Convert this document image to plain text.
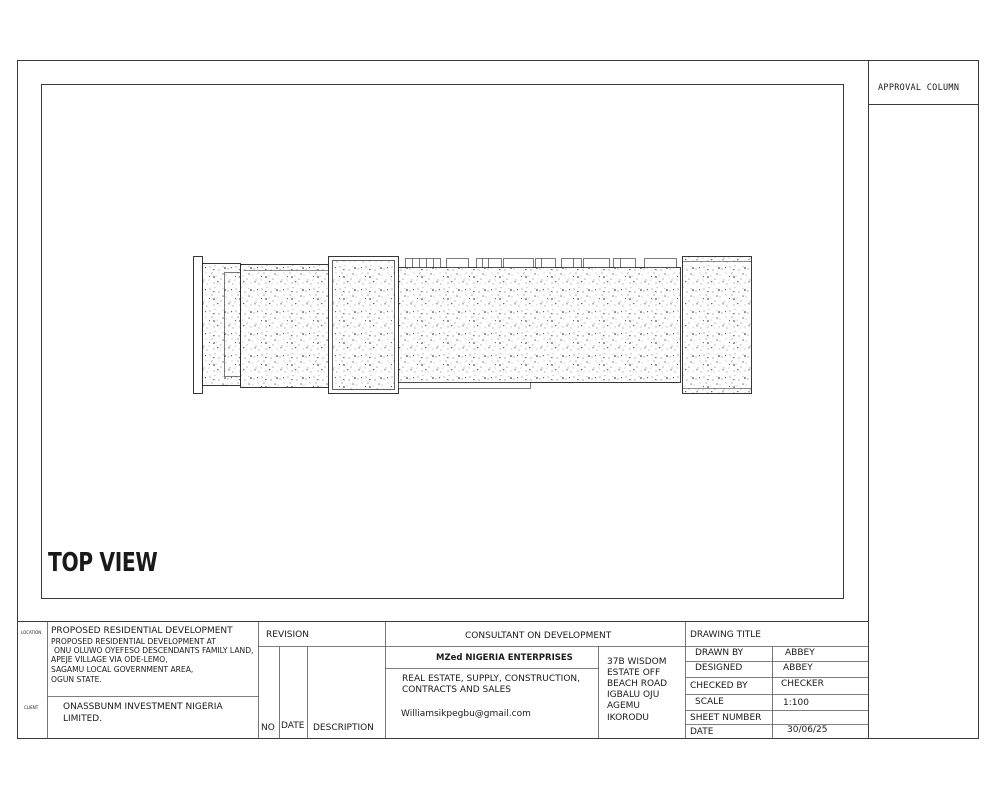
APPROVAL COLUMN
TOP VIEW
LOCATION PROPOSED RESIDENTIAL DEVELOPMENT
PROPOSED RESIDENTIAL DEVELOPMENT AT
ONU OLUWO OYEFESO DESCENDANTS FAMILY LAND,
APEJE VILLAGE VIA ODE-LEMO,
SAGAMU LOCAL GOVERNMENT AREA,
OGUN STATE.
CLIENT	ONASSBUNM INVESTMENT NIGERIA
LIMITED.
REVISION
NO DATE DESCRIPTION
CONSULTANT ON DEVELOPMENT
MZed NIGERIA ENTERPRISES
REAL ESTATE, SUPPLY, CONSTRUCTION,
CONTRACTS AND SALES
Williamsikpegbu@gmail.com
37B WISDOM
ESTATE OFF
BEACH ROAD
IGBALU OJU
AGEMU
IKORODU
DRAWING TITLE
DRAWN BY	ABBEY
DESIGNED	ABBEY
CHECKED BY	CHECKER
SCALE	1:100
SHEET NUMBER
DATE	30/06/25
